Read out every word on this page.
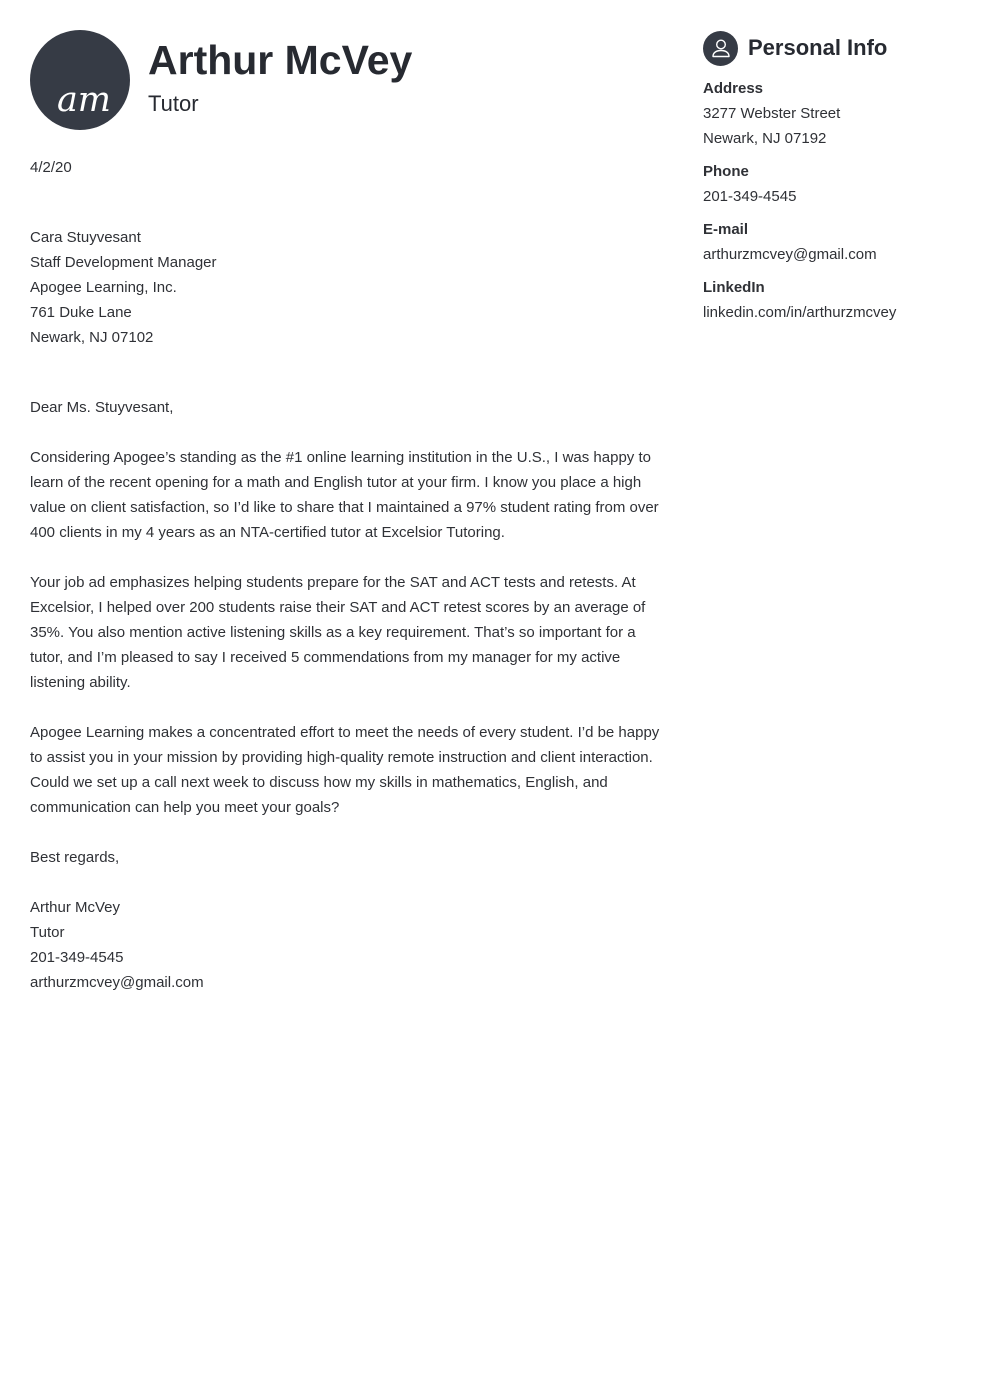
am
Arthur McVey
Tutor
4/2/20
Cara Stuyvesant
Staff Development Manager
Apogee Learning, Inc.
761 Duke Lane
Newark, NJ 07102
Dear Ms. Stuyvesant,
Considering Apogee’s standing as the #1 online learning institution in the U.S., I was happy to
learn of the recent opening for a math and English tutor at your firm. I know you place a high
value on client satisfaction, so I’d like to share that I maintained a 97% student rating from over
400 clients in my 4 years as an NTA-certified tutor at Excelsior Tutoring.
Your job ad emphasizes helping students prepare for the SAT and ACT tests and retests. At
Excelsior, I helped over 200 students raise their SAT and ACT retest scores by an average of
35%. You also mention active listening skills as a key requirement. That’s so important for a
tutor, and I’m pleased to say I received 5 commendations from my manager for my active
listening ability.
Apogee Learning makes a concentrated effort to meet the needs of every student. I’d be happy
to assist you in your mission by providing high-quality remote instruction and client interaction.
Could we set up a call next week to discuss how my skills in mathematics, English, and
communication can help you meet your goals?
Best regards,
Arthur McVey
Tutor
201-349-4545
arthurzmcvey@gmail.com
Personal Info
Address
3277 Webster Street
Newark, NJ 07192
Phone
201-349-4545
E-mail
arthurzmcvey@gmail.com
LinkedIn
linkedin.com/in/arthurzmcvey
